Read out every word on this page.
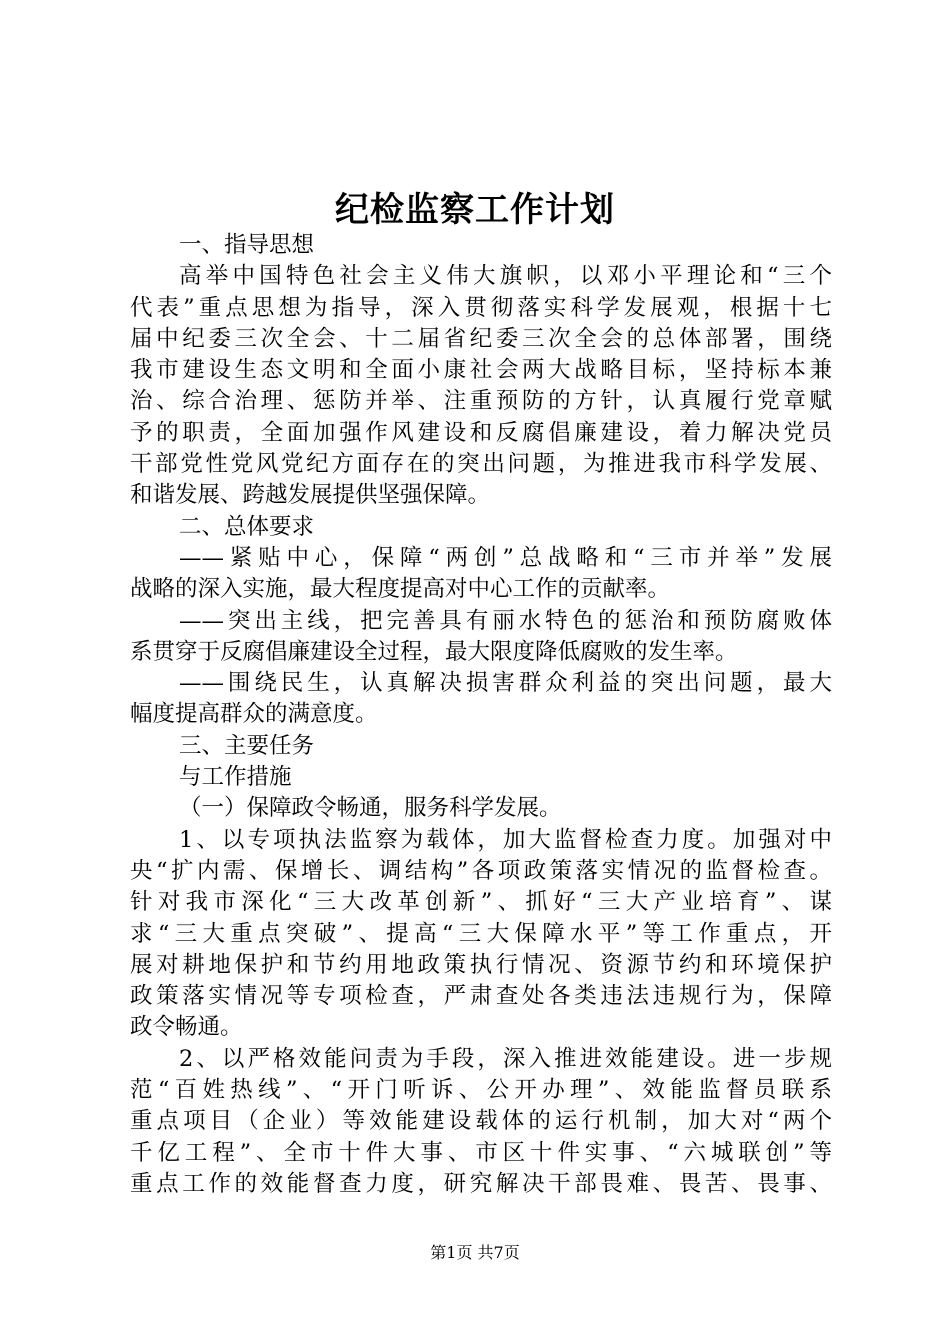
纪检监察工作计划
一、指导思想
高举中国特色社会主义伟大旗帜，以邓小平理论和“三个
代表”重点思想为指导，深入贯彻落实科学发展观，根据十七
届中纪委三次全会、十二届省纪委三次全会的总体部署，围绕
我市建设生态文明和全面小康社会两大战略目标，坚持标本兼
治、综合治理、惩防并举、注重预防的方针，认真履行党章赋
予的职责，全面加强作风建设和反腐倡廉建设，着力解决党员
干部党性党风党纪方面存在的突出问题，为推进我市科学发展、
和谐发展、跨越发展提供坚强保障。
二、总体要求
——紧贴中心，保障“两创”总战略和“三市并举”发展
战略的深入实施，最大程度提高对中心工作的贡献率。
——突出主线，把完善具有丽水特色的惩治和预防腐败体
系贯穿于反腐倡廉建设全过程，最大限度降低腐败的发生率。
——围绕民生，认真解决损害群众利益的突出问题，最大
幅度提高群众的满意度。
三、主要任务
与工作措施
（一）保障政令畅通，服务科学发展。
1、以专项执法监察为载体，加大监督检查力度。加强对中
央“扩内需、保增长、调结构”各项政策落实情况的监督检查。
针对我市深化“三大改革创新”、抓好“三大产业培育”、谋
求“三大重点突破”、提高“三大保障水平”等工作重点，开
展对耕地保护和节约用地政策执行情况、资源节约和环境保护
政策落实情况等专项检查，严肃查处各类违法违规行为，保障
政令畅通。
2、以严格效能问责为手段，深入推进效能建设。进一步规
范“百姓热线”、“开门听诉、公开办理”、效能监督员联系
重点项目（企业）等效能建设载体的运行机制，加大对“两个
千亿工程”、全市十件大事、市区十件实事、“六城联创”等
重点工作的效能督查力度，研究解决干部畏难、畏苦、畏事、
第1页 共7页
